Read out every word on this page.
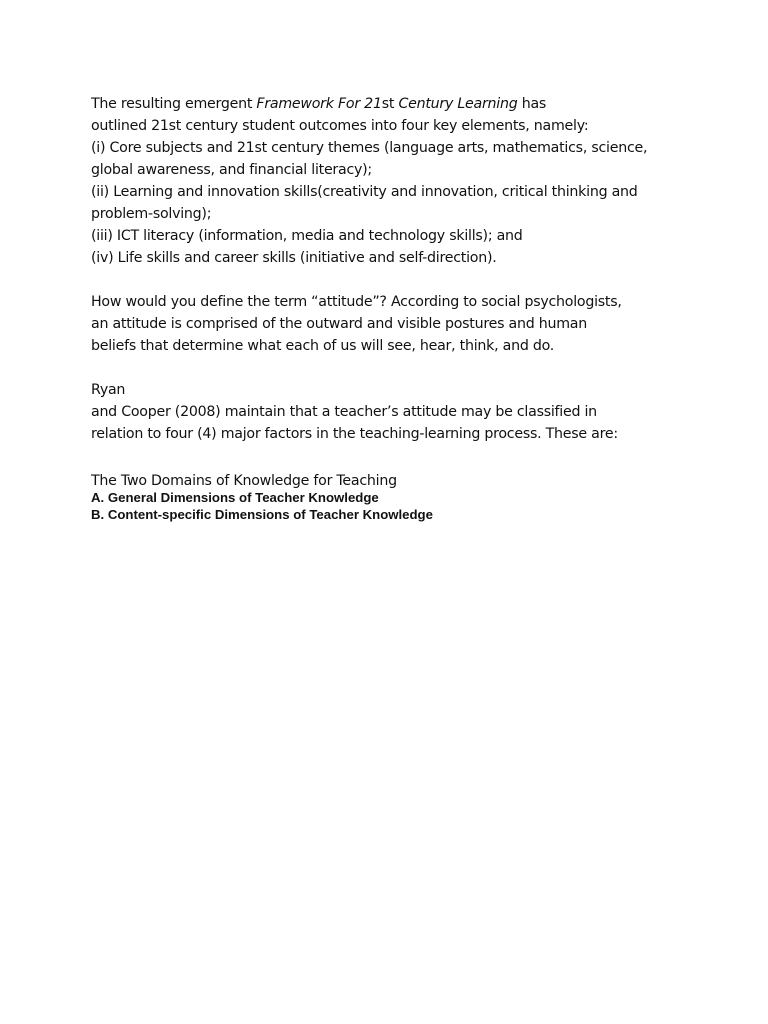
The resulting emergent Framework For 21st Century Learning has
outlined 21st century student outcomes into four key elements, namely:
(i) Core subjects and 21st century themes (language arts, mathematics, science,
global awareness, and financial literacy);
(ii) Learning and innovation skills(creativity and innovation, critical thinking and
problem-solving);
(iii) ICT literacy (information, media and technology skills); and
(iv) Life skills and career skills (initiative and self-direction).
How would you define the term “attitude”? According to social psychologists,
an attitude is comprised of the outward and visible postures and human
beliefs that determine what each of us will see, hear, think, and do.
Ryan
and Cooper (2008) maintain that a teacher’s attitude may be classified in
relation to four (4) major factors in the teaching-learning process. These are:
The Two Domains of Knowledge for Teaching
A. General Dimensions of Teacher Knowledge
B. Content-specific Dimensions of Teacher Knowledge
